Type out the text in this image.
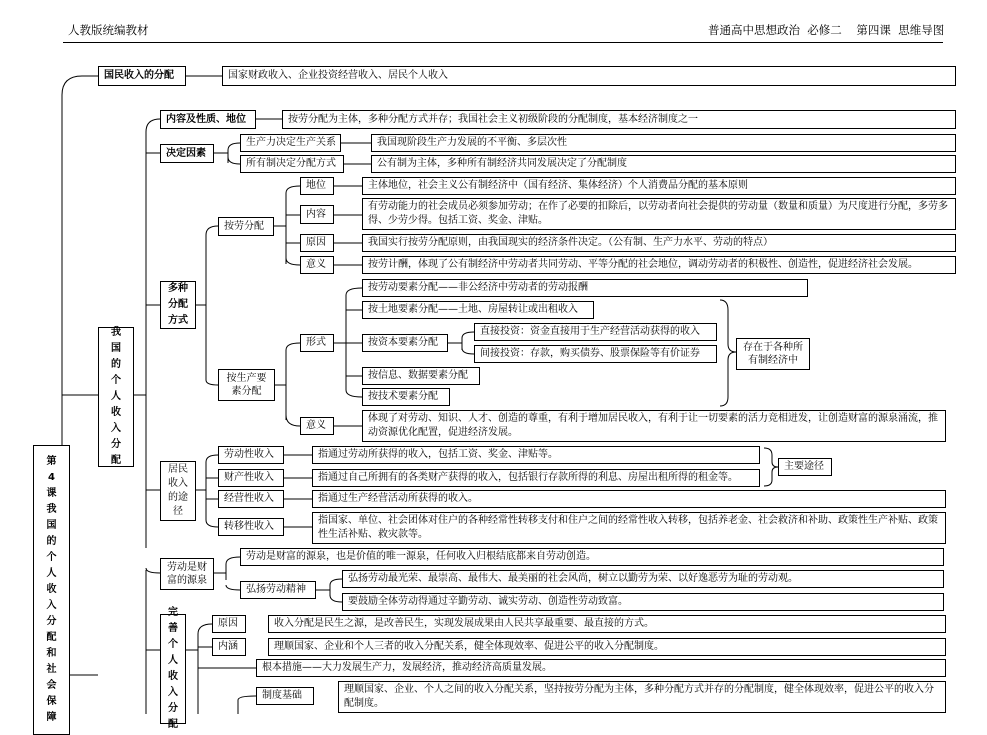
人教版统编教材	普通高中思想政治  必修二    第四课  思维导图
第4课我国的个人收入分配和社会保障
国民收入的分配	国家财政收入、企业投资经营收入、居民个人收入
我国的个人收入分配
内容及性质、地位	按劳分配为主体，多种分配方式并存；我国社会主义初级阶段的分配制度，基本经济制度之一
决定因素
生产力决定生产关系	我国现阶段生产力发展的不平衡、多层次性
所有制决定分配方式	公有制为主体，多种所有制经济共同发展决定了分配制度
多种分配方式
按劳分配
地位	主体地位，社会主义公有制经济中（国有经济、集体经济）个人消费品分配的基本原则
内容
有劳动能力的社会成员必须参加劳动；在作了必要的扣除后，以劳动者向社会提供的劳动量（数量和质量）为尺度进行分配，多劳多得、少劳少得。包括工资、奖金、津贴。
原因	我国实行按劳分配原则，由我国现实的经济条件决定。（公有制、生产力水平、劳动的特点）
意义	按劳计酬，体现了公有制经济中劳动者共同劳动、平等分配的社会地位，调动劳动者的积极性、创造性，促进经济社会发展。
按生产要素分配
形式
按劳动要素分配——非公经济中劳动者的劳动报酬
按土地要素分配——土地、房屋转让或出租收入
按资本要素分配
直接投资：资金直接用于生产经营活动获得的收入
间接投资：存款，购买债券、股票保险等有价证券
按信息、数据要素分配
按技术要素分配
存在于各种所有制经济中
意义
体现了对劳动、知识、人才、创造的尊重，有利于增加居民收入，有利于让一切要素的活力竞相迸发，让创造财富的源泉涌流，推动资源优化配置，促进经济发展。
居民收入的途径
劳动性收入	指通过劳动所获得的收入，包括工资、奖金、津贴等。
财产性收入	指通过自己所拥有的各类财产获得的收入，包括银行存款所得的利息、房屋出租所得的租金等。
主要途径
经营性收入	指通过生产经营活动所获得的收入。
转移性收入
指国家、单位、社会团体对住户的各种经常性转移支付和住户之间的经常性收入转移，包括养老金、社会救济和补助、政策性生产补贴、政策性生活补贴、救灾款等。
劳动是财富的源泉
劳动是财富的源泉，也是价值的唯一源泉，任何收入归根结底都来自劳动创造。
弘扬劳动精神
弘扬劳动最光荣、最崇高、最伟大、最美丽的社会风尚，树立以勤劳为荣、以好逸恶劳为耻的劳动观。
要鼓励全体劳动得通过辛勤劳动、诚实劳动、创造性劳动致富。
完善个人收入分配
原因	收入分配是民生之源，是改善民生，实现发展成果由人民共享最重要、最直接的方式。
内涵	理顺国家、企业和个人三者的收入分配关系，健全体现效率、促进公平的收入分配制度。
根本措施——大力发展生产力，发展经济，推动经济高质量发展。
制度基础
理顺国家、企业、个人之间的收入分配关系，坚持按劳分配为主体，多种分配方式并存的分配制度，健全体现效率，促进公平的收入分配制度。
